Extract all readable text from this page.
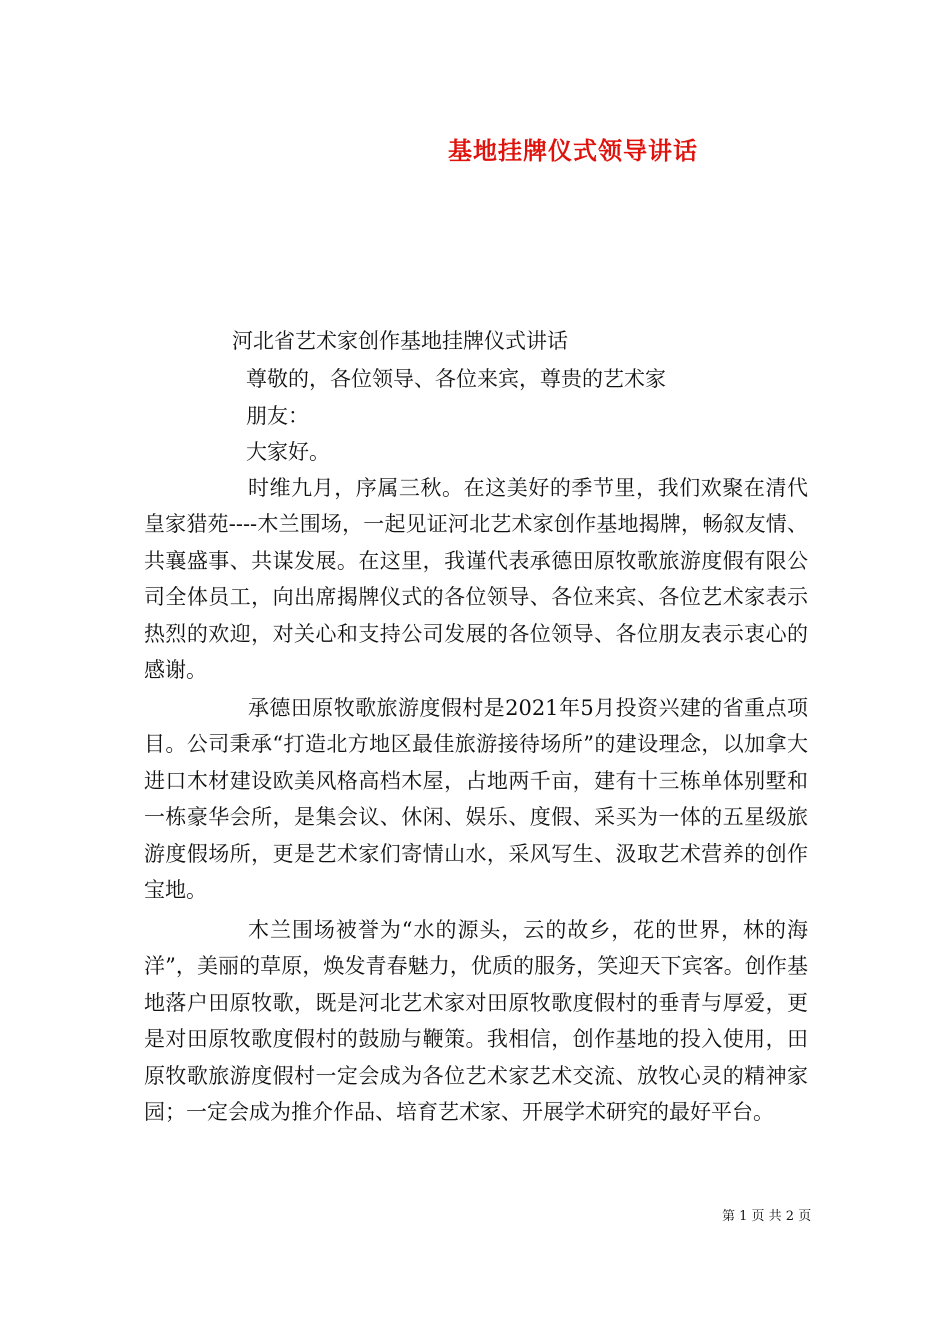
基地挂牌仪式领导讲话
河北省艺术家创作基地挂牌仪式讲话
尊敬的，各位领导、各位来宾，尊贵的艺术家
朋友：
大家好。
时维九月，序属三秋。在这美好的季节里，我们欢聚在清代皇家猎苑----木兰围场，一起见证河北艺术家创作基地揭牌，畅叙友情、共襄盛事、共谋发展。在这里，我谨代表承德田原牧歌旅游度假有限公司全体员工，向出席揭牌仪式的各位领导、各位来宾、各位艺术家表示热烈的欢迎，对关心和支持公司发展的各位领导、各位朋友表示衷心的感谢。
承德田原牧歌旅游度假村是2021年5月投资兴建的省重点项目。公司秉承“打造北方地区最佳旅游接待场所”的建设理念，以加拿大进口木材建设欧美风格高档木屋，占地两千亩，建有十三栋单体别墅和一栋豪华会所，是集会议、休闲、娱乐、度假、采买为一体的五星级旅游度假场所，更是艺术家们寄情山水，采风写生、汲取艺术营养的创作宝地。
木兰围场被誉为“水的源头，云的故乡，花的世界，林的海洋”，美丽的草原，焕发青春魅力，优质的服务，笑迎天下宾客。创作基地落户田原牧歌，既是河北艺术家对田原牧歌度假村的垂青与厚爱，更是对田原牧歌度假村的鼓励与鞭策。我相信，创作基地的投入使用，田原牧歌旅游度假村一定会成为各位艺术家艺术交流、放牧心灵的精神家园；一定会成为推介作品、培育艺术家、开展学术研究的最好平台。
第 1 页 共 2 页
